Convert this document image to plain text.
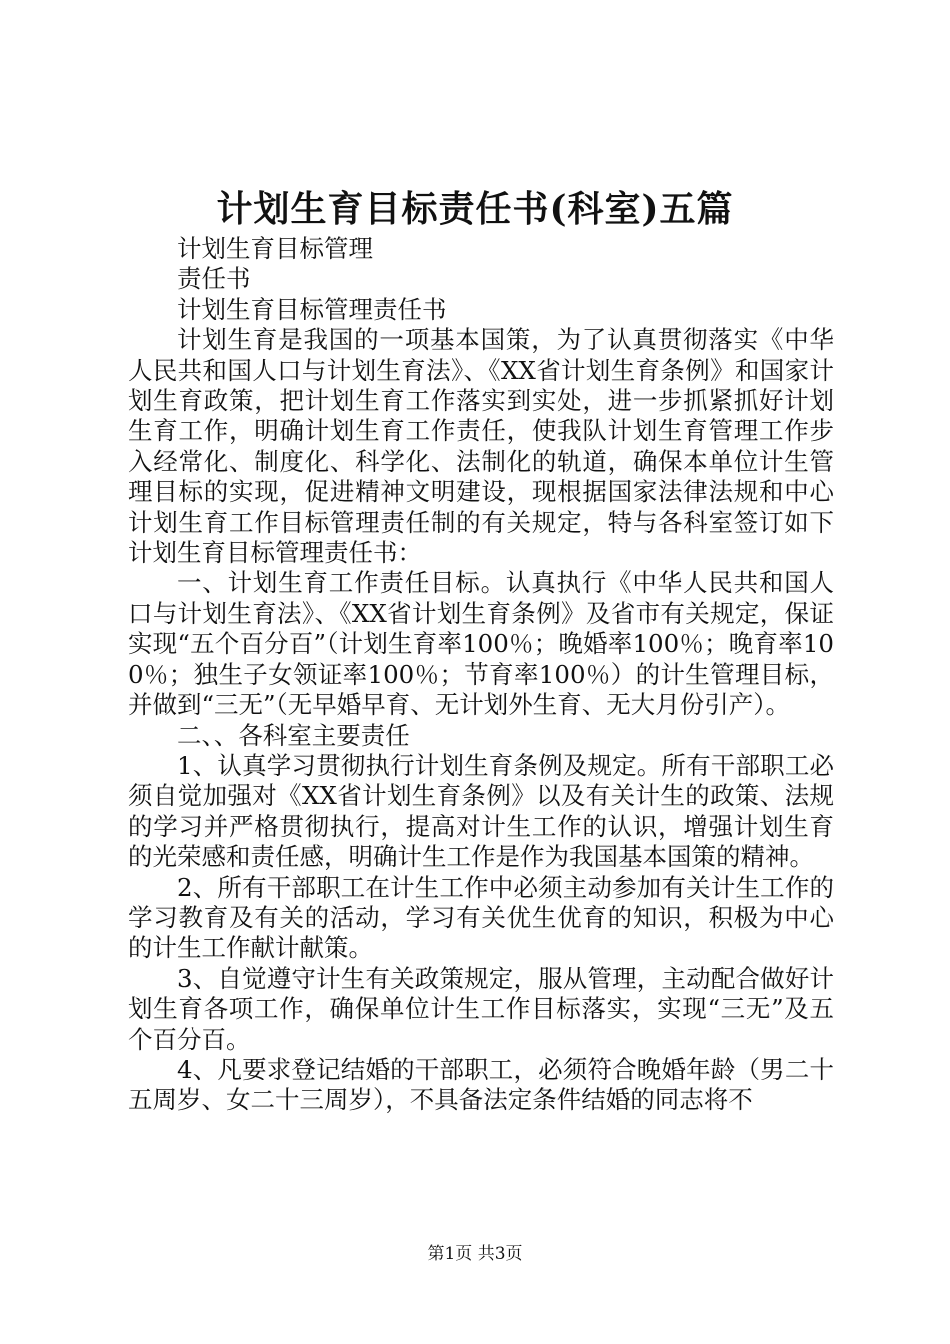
计划生育目标责任书(科室)五篇

计划生育目标管理

责任书

计划生育目标管理责任书

计划生育是我国的一项基本国策，为了认真贯彻落实《中华人民共和国人口与计划生育法》、《XX省计划生育条例》和国家计划生育政策，把计划生育工作落实到实处，进一步抓紧抓好计划生育工作，明确计划生育工作责任，使我队计划生育管理工作步入经常化、制度化、科学化、法制化的轨道，确保本单位计生管理目标的实现，促进精神文明建设，现根据国家法律法规和中心计划生育工作目标管理责任制的有关规定，特与各科室签订如下计划生育目标管理责任书：

一、计划生育工作责任目标。认真执行《中华人民共和国人口与计划生育法》、《XX省计划生育条例》及省市有关规定，保证实现“五个百分百”（计划生育率100％；晚婚率100％；晚育率100％；独生子女领证率100％；节育率100％）的计生管理目标，并做到“三无”（无早婚早育、无计划外生育、无大月份引产）。

二、、各科室主要责任

1、认真学习贯彻执行计划生育条例及规定。所有干部职工必须自觉加强对《XX省计划生育条例》以及有关计生的政策、法规的学习并严格贯彻执行，提高对计生工作的认识，增强计划生育的光荣感和责任感，明确计生工作是作为我国基本国策的精神。

2、所有干部职工在计生工作中必须主动参加有关计生工作的学习教育及有关的活动，学习有关优生优育的知识，积极为中心的计生工作献计献策。

3、自觉遵守计生有关政策规定，服从管理，主动配合做好计划生育各项工作，确保单位计生工作目标落实，实现“三无”及五个百分百。

4、凡要求登记结婚的干部职工，必须符合晚婚年龄（男二十五周岁、女二十三周岁），不具备法定条件结婚的同志将不

第1页 共3页
